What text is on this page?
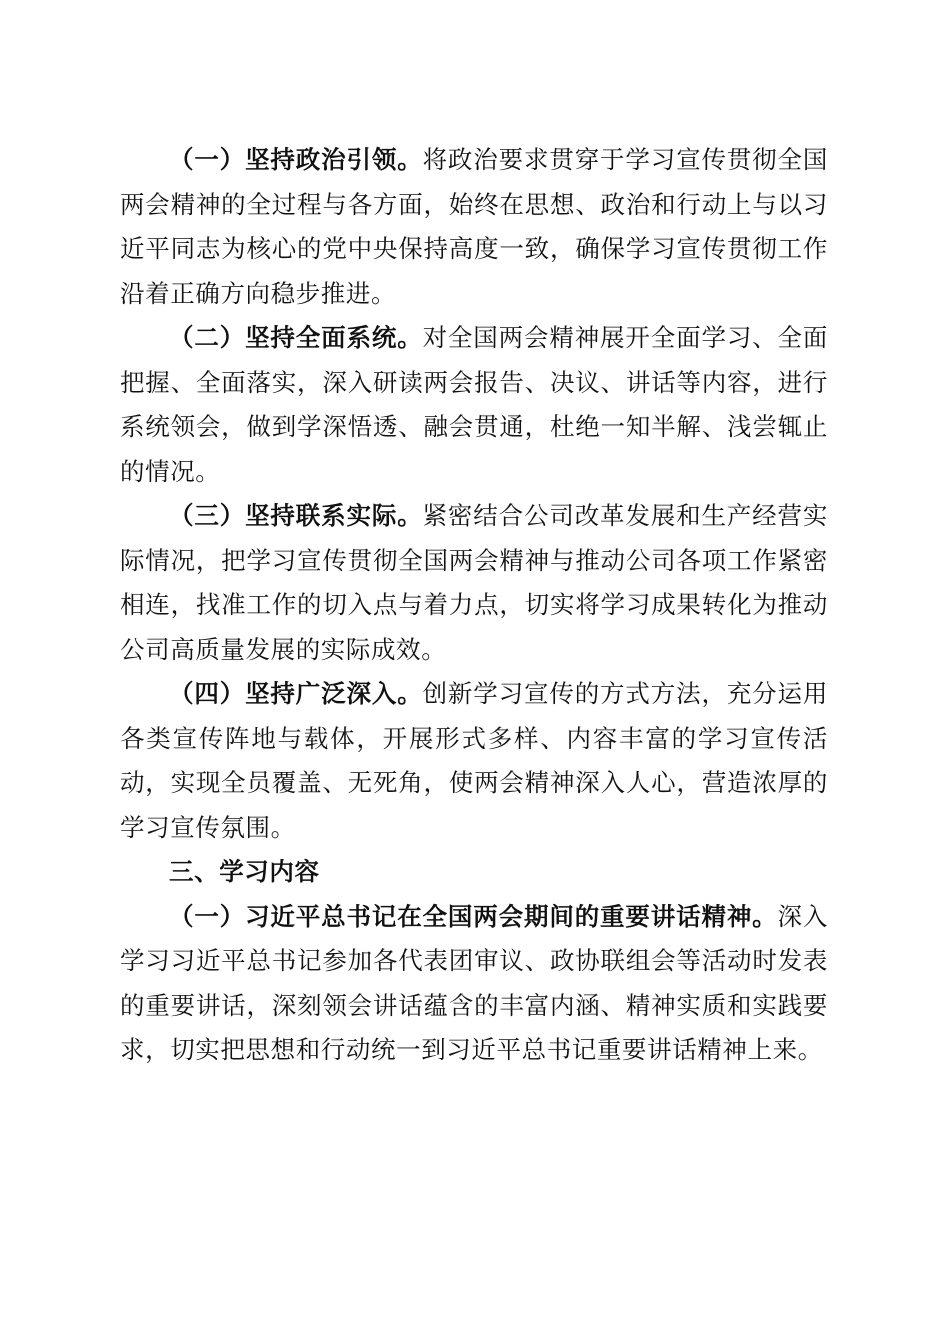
（一）坚持政治引领。将政治要求贯穿于学习宣传贯彻全国两会精神的全过程与各方面，始终在思想、政治和行动上与以习近平同志为核心的党中央保持高度一致，确保学习宣传贯彻工作沿着正确方向稳步推进。

（二）坚持全面系统。对全国两会精神展开全面学习、全面把握、全面落实，深入研读两会报告、决议、讲话等内容，进行系统领会，做到学深悟透、融会贯通，杜绝一知半解、浅尝辄止的情况。

（三）坚持联系实际。紧密结合公司改革发展和生产经营实际情况，把学习宣传贯彻全国两会精神与推动公司各项工作紧密相连，找准工作的切入点与着力点，切实将学习成果转化为推动公司高质量发展的实际成效。

（四）坚持广泛深入。创新学习宣传的方式方法，充分运用各类宣传阵地与载体，开展形式多样、内容丰富的学习宣传活动，实现全员覆盖、无死角，使两会精神深入人心，营造浓厚的学习宣传氛围。

三、学习内容

（一）习近平总书记在全国两会期间的重要讲话精神。深入学习习近平总书记参加各代表团审议、政协联组会等活动时发表的重要讲话，深刻领会讲话蕴含的丰富内涵、精神实质和实践要求，切实把思想和行动统一到习近平总书记重要讲话精神上来。
